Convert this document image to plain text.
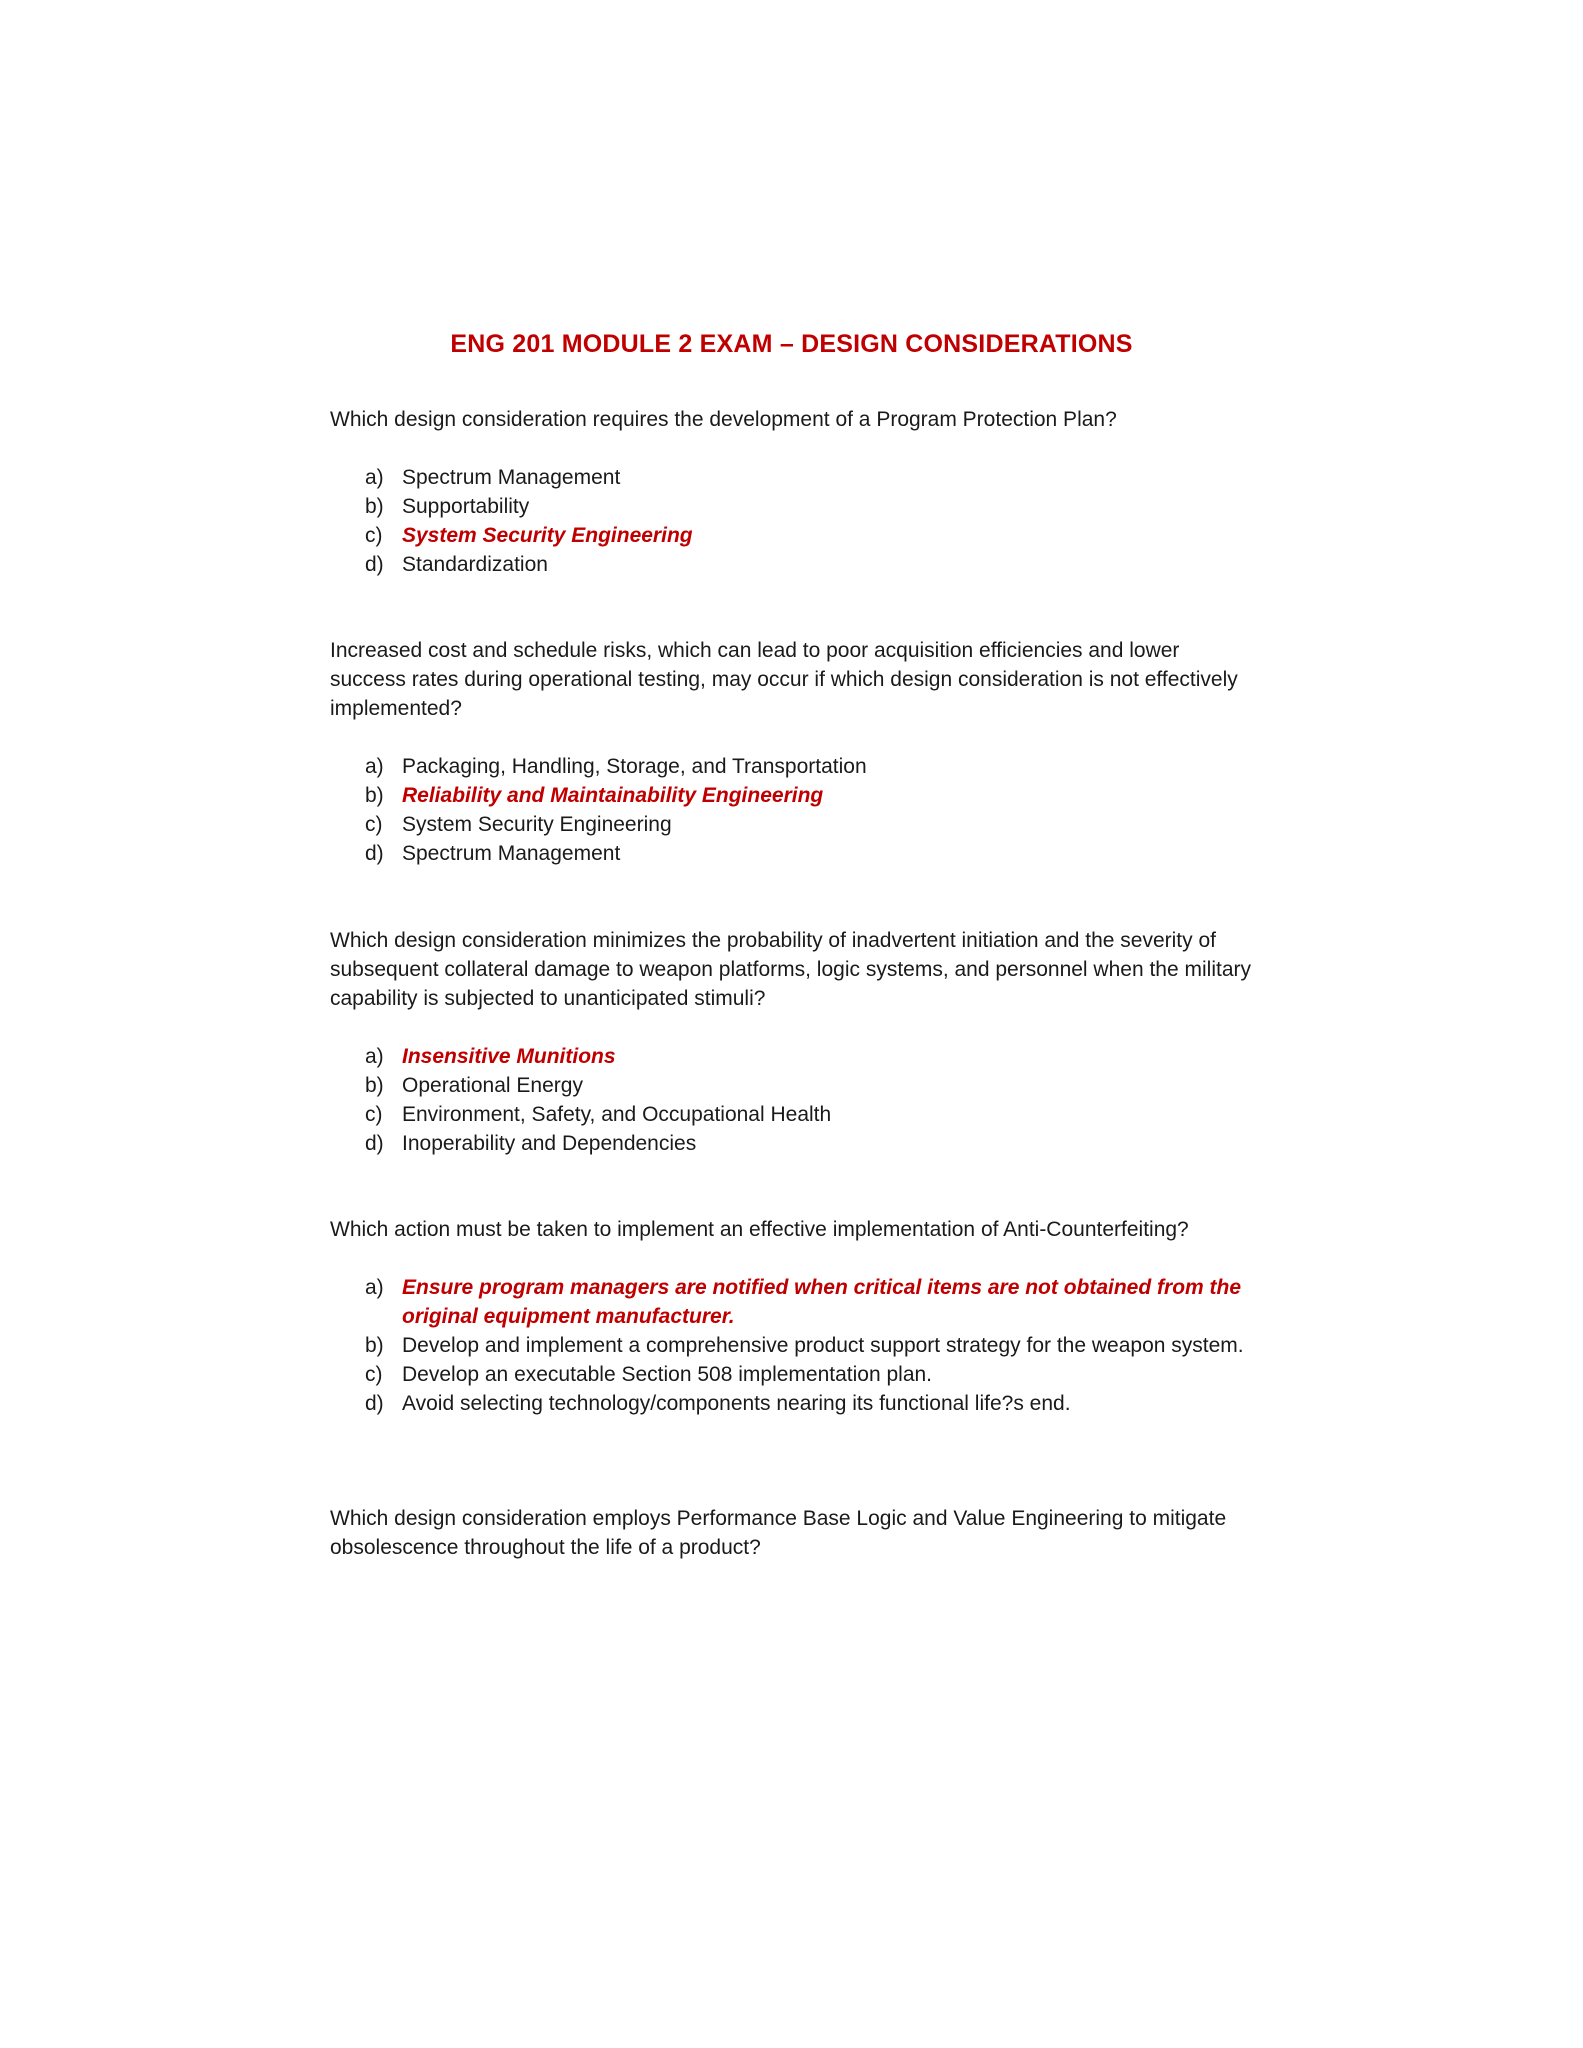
ENG 201 MODULE 2 EXAM – DESIGN CONSIDERATIONS

Which design consideration requires the development of a Program Protection Plan?

a) Spectrum Management
b) Supportability
c) System Security Engineering
d) Standardization

Increased cost and schedule risks, which can lead to poor acquisition efficiencies and lower success rates during operational testing, may occur if which design consideration is not effectively implemented?

a) Packaging, Handling, Storage, and Transportation
b) Reliability and Maintainability Engineering
c) System Security Engineering
d) Spectrum Management

Which design consideration minimizes the probability of inadvertent initiation and the severity of subsequent collateral damage to weapon platforms, logic systems, and personnel when the military capability is subjected to unanticipated stimuli?

a) Insensitive Munitions
b) Operational Energy
c) Environment, Safety, and Occupational Health
d) Inoperability and Dependencies

Which action must be taken to implement an effective implementation of Anti-Counterfeiting?

a) Ensure program managers are notified when critical items are not obtained from the original equipment manufacturer.
b) Develop and implement a comprehensive product support strategy for the weapon system.
c) Develop an executable Section 508 implementation plan.
d) Avoid selecting technology/components nearing its functional life?s end.

Which design consideration employs Performance Base Logic and Value Engineering to mitigate obsolescence throughout the life of a product?
